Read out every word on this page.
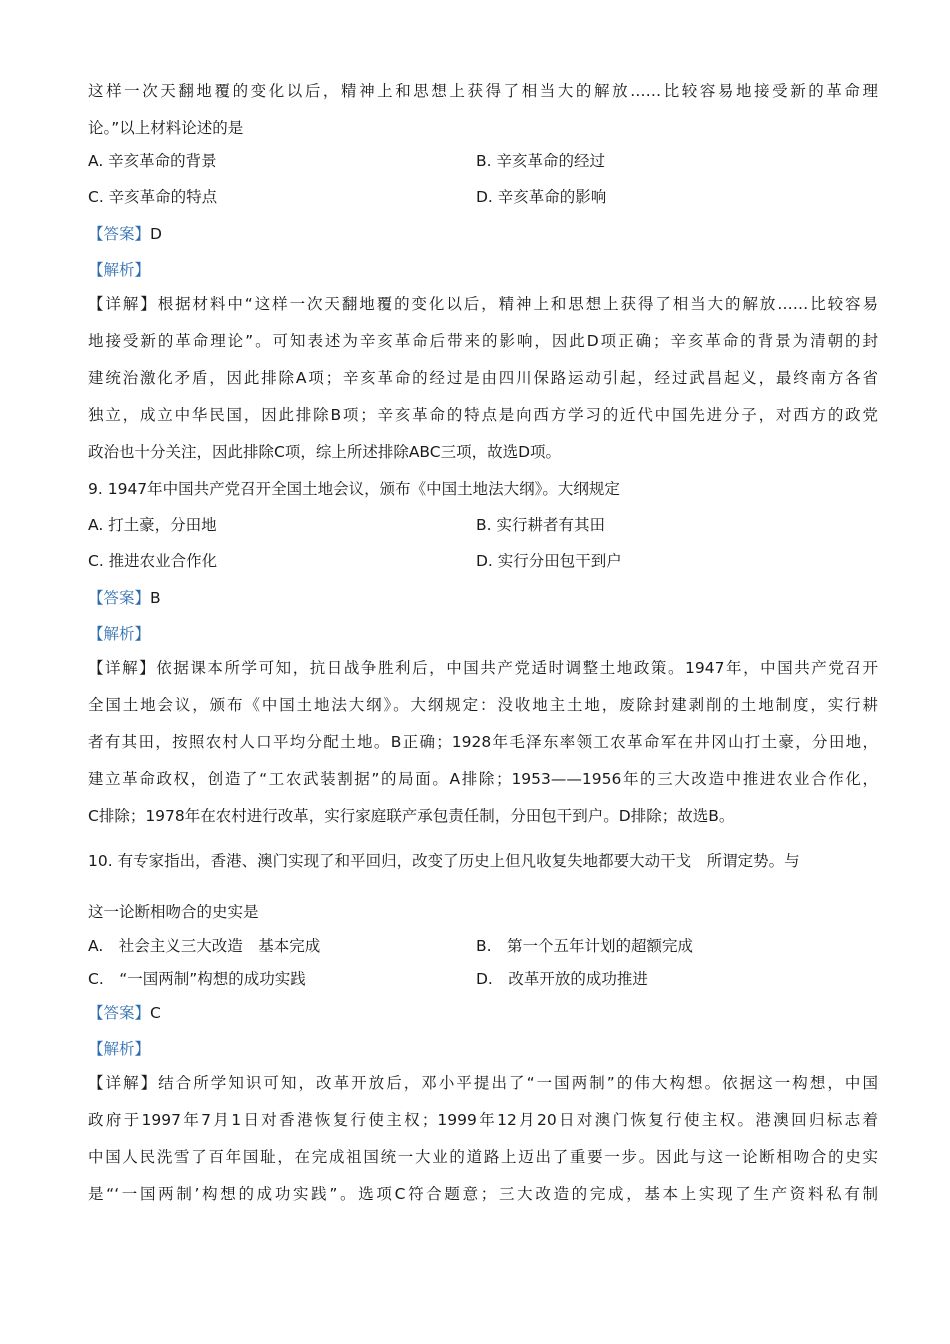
这样一次天翻地覆的变化以后，精神上和思想上获得了相当大的解放……比较容易地接受新的革命理
论。”以上材料论述的是
A. 辛亥革命的背景	B. 辛亥革命的经过
C. 辛亥革命的特点	D. 辛亥革命的影响
【答案】D
【解析】
【详解】根据材料中“这样一次天翻地覆的变化以后，精神上和思想上获得了相当大的解放……比较容易
地接受新的革命理论”。可知表述为辛亥革命后带来的影响，因此D项正确；辛亥革命的背景为清朝的封
建统治激化矛盾，因此排除A项；辛亥革命的经过是由四川保路运动引起，经过武昌起义，最终南方各省
独立，成立中华民国，因此排除B项；辛亥革命的特点是向西方学习的近代中国先进分子，对西方的政党
政治也十分关注，因此排除C项，综上所述排除ABC三项，故选D项。
9. 1947年中国共产党召开全国土地会议，颁布《中国土地法大纲》。大纲规定
A. 打土豪，分田地	B. 实行耕者有其田
C. 推进农业合作化	D. 实行分田包干到户
【答案】B
【解析】
【详解】依据课本所学可知，抗日战争胜利后，中国共产党适时调整土地政策。1947年，中国共产党召开
全国土地会议，颁布《中国土地法大纲》。大纲规定：没收地主土地，废除封建剥削的土地制度，实行耕
者有其田，按照农村人口平均分配土地。B正确；1928年毛泽东率领工农革命军在井冈山打土豪，分田地，
建立革命政权，创造了“工农武装割据”的局面。A排除；1953——1956年的三大改造中推进农业合作化，
C排除；1978年在农村进行改革，实行家庭联产承包责任制，分田包干到户。D排除；故选B。
10. 有专家指出，香港、澳门实现了和平回归，改变了历史上但凡收复失地都要大动干戈　所谓定势。与
这一论断相吻合的史实是
A.　社会主义三大改造　基本完成	B.　第一个五年计划的超额完成
C.　“一国两制”构想的成功实践	D.　改革开放的成功推进
【答案】C
【解析】
【详解】结合所学知识可知，改革开放后，邓小平提出了“一国两制”的伟大构想。依据这一构想，中国
政府于1997年7月1日对香港恢复行使主权；1999年12月20日对澳门恢复行使主权。港澳回归标志着
中国人民洗雪了百年国耻，在完成祖国统一大业的道路上迈出了重要一步。因此与这一论断相吻合的史实
是“‘一国两制’构想的成功实践”。选项C符合题意；三大改造的完成，基本上实现了生产资料私有制
